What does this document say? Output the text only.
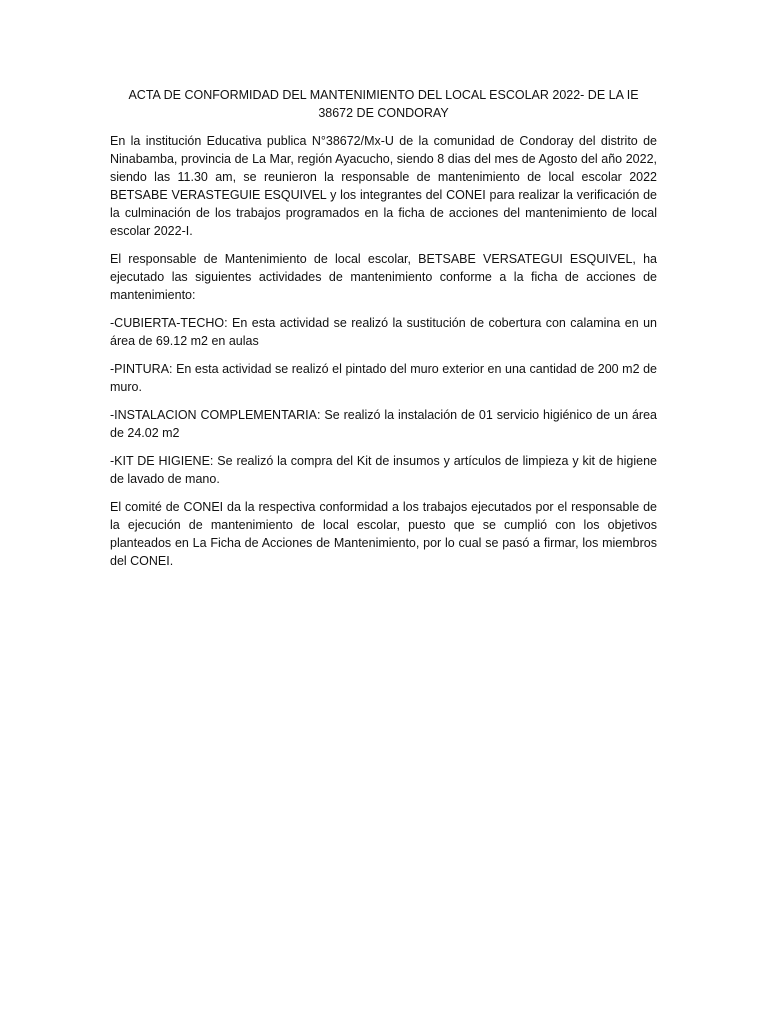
ACTA DE CONFORMIDAD DEL MANTENIMIENTO DEL LOCAL ESCOLAR 2022- DE LA IE
38672 DE CONDORAY

En la institución Educativa publica N°38672/Mx-U de la comunidad de Condoray del distrito de Ninabamba, provincia de La Mar, región Ayacucho, siendo 8 dias del mes de Agosto del año 2022, siendo las 11.30 am, se reunieron la responsable de mantenimiento de local escolar 2022 BETSABE VERASTEGUIE ESQUIVEL y los integrantes del CONEI para realizar la verificación de la culminación de los trabajos programados en la ficha de acciones del mantenimiento de local escolar 2022-I.

El responsable de Mantenimiento de local escolar, BETSABE VERSATEGUI ESQUIVEL, ha ejecutado las siguientes actividades de mantenimiento conforme a la ficha de acciones de mantenimiento:

-CUBIERTA-TECHO: En esta actividad se realizó la sustitución de cobertura con calamina en un área de 69.12 m2 en aulas

-PINTURA: En esta actividad se realizó el pintado del muro exterior en una cantidad de 200 m2 de muro.

-INSTALACION COMPLEMENTARIA: Se realizó la instalación de 01 servicio higiénico de un área de 24.02 m2

-KIT DE HIGIENE: Se realizó la compra del Kit de insumos y artículos de limpieza y kit de higiene de lavado de mano.

El comité de CONEI da la respectiva conformidad a los trabajos ejecutados por el responsable de la ejecución de mantenimiento de local escolar, puesto que se cumplió con los objetivos planteados en La Ficha de Acciones de Mantenimiento, por lo cual se pasó a firmar, los miembros del CONEI.
